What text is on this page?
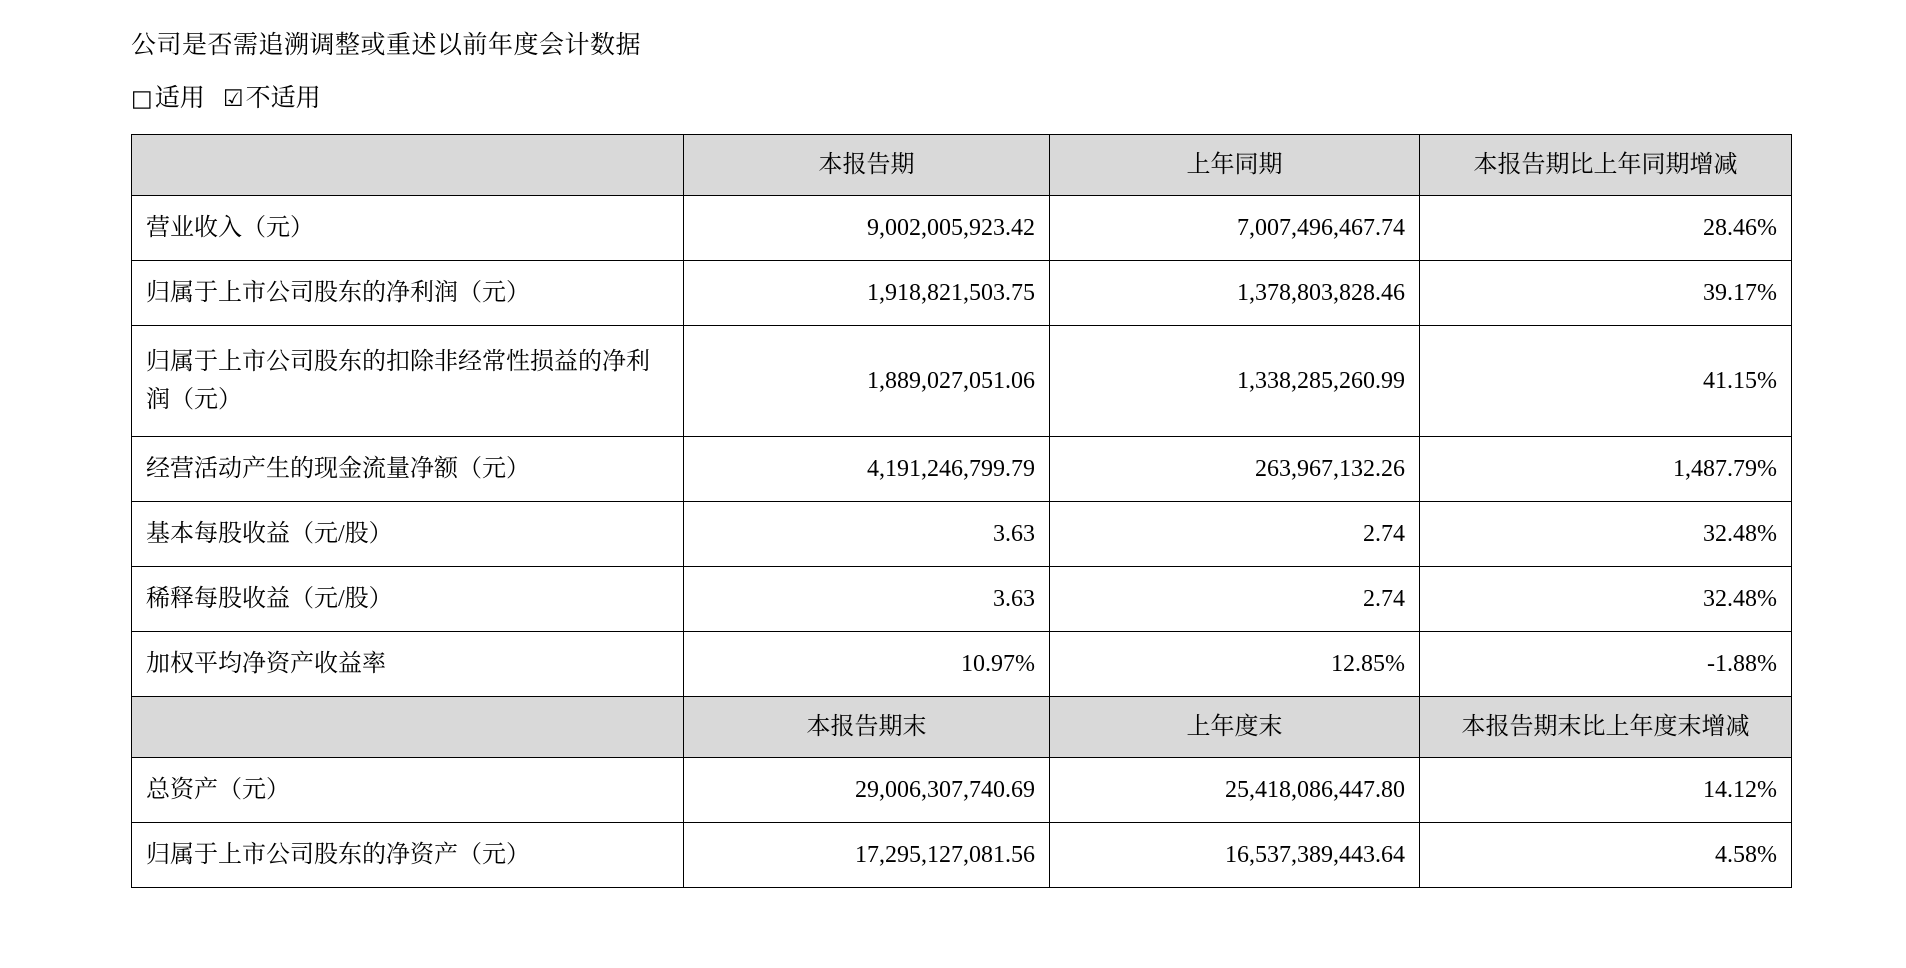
公司是否需追溯调整或重述以前年度会计数据

□适用 ☑不适用
	本报告期	上年同期	本报告期比上年同期增减
营业收入（元）	9,002,005,923.42	7,007,496,467.74	28.46%
归属于上市公司股东的净利润（元）	1,918,821,503.75	1,378,803,828.46	39.17%
归属于上市公司股东的扣除非经常性损益的净利润（元）	1,889,027,051.06	1,338,285,260.99	41.15%
经营活动产生的现金流量净额（元）	4,191,246,799.79	263,967,132.26	1,487.79%
基本每股收益（元/股）	3.63	2.74	32.48%
稀释每股收益（元/股）	3.63	2.74	32.48%
加权平均净资产收益率	10.97%	12.85%	-1.88%
	本报告期末	上年度末	本报告期末比上年度末增减
总资产（元）	29,006,307,740.69	25,418,086,447.80	14.12%
归属于上市公司股东的净资产（元）	17,295,127,081.56	16,537,389,443.64	4.58%
